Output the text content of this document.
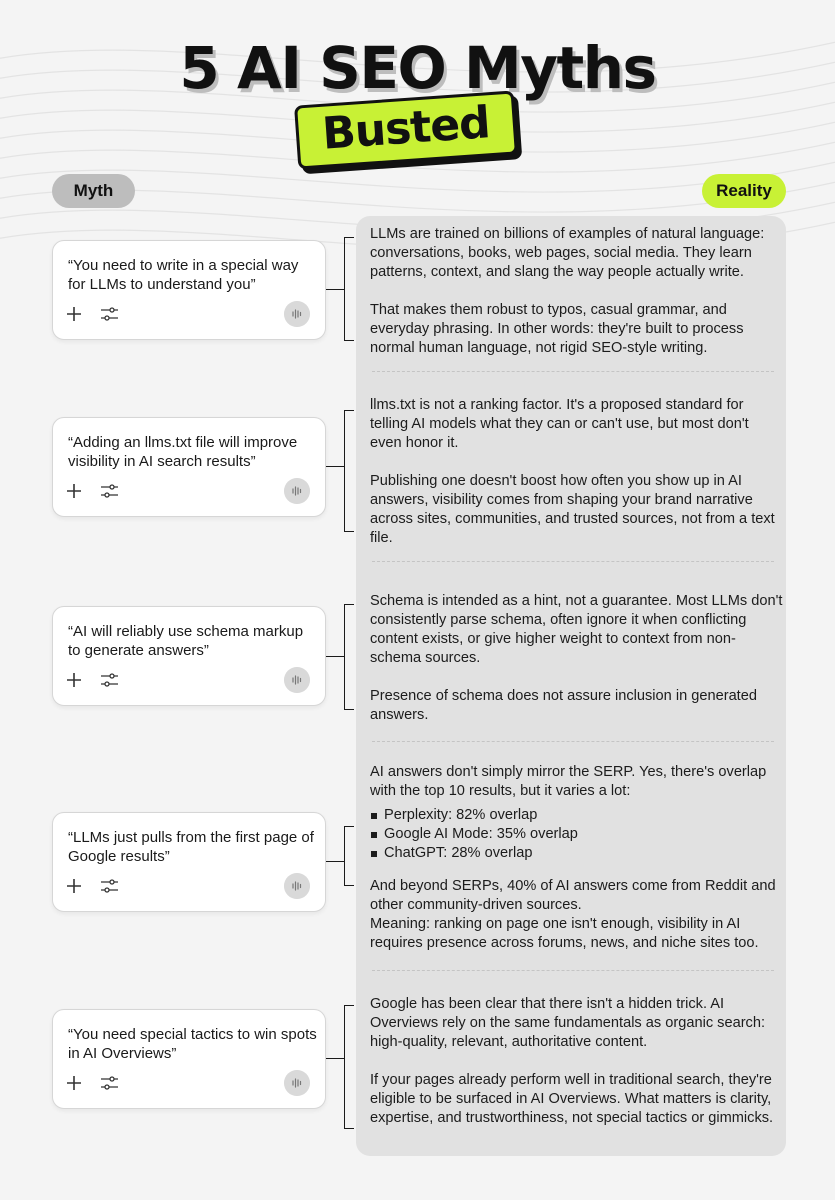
5 AI SEO Myths
Busted
Myth	Reality

LLMs are trained on billions of examples of natural language: conversations, books, web pages, social media. They learn patterns, context, and slang the way people actually write.

That makes them robust to typos, casual grammar, and everyday phrasing. In other words: they're built to process normal human language, not rigid SEO-style writing.

llms.txt is not a ranking factor. It's a proposed standard for telling AI models what they can or can't use, but most don't even honor it.

Publishing one doesn't boost how often you show up in AI answers, visibility comes from shaping your brand narrative across sites, communities, and trusted sources, not from a text file.

Schema is intended as a hint, not a guarantee. Most LLMs don't consistently parse schema, often ignore it when conflicting content exists, or give higher weight to context from non-schema sources.

Presence of schema does not assure inclusion in generated answers.

AI answers don't simply mirror the SERP. Yes, there's overlap with the top 10 results, but it varies a lot:

Perplexity: 82% overlap
Google AI Mode: 35% overlap
ChatGPT: 28% overlap

And beyond SERPs, 40% of AI answers come from Reddit and other community-driven sources.

Meaning: ranking on page one isn't enough, visibility in AI requires presence across forums, news, and niche sites too.

Google has been clear that there isn't a hidden trick. AI Overviews rely on the same fundamentals as organic search: high-quality, relevant, authoritative content.

If your pages already perform well in traditional search, they're eligible to be surfaced in AI Overviews. What matters is clarity, expertise, and trustworthiness, not special tactics or gimmicks.

“You need to write in a special way for LLMs to understand you”
“Adding an llms.txt file will improve visibility in AI search results”
“AI will reliably use schema markup to generate answers”
“LLMs just pulls from the first page of Google results”
“You need special tactics to win spots in AI Overviews”
